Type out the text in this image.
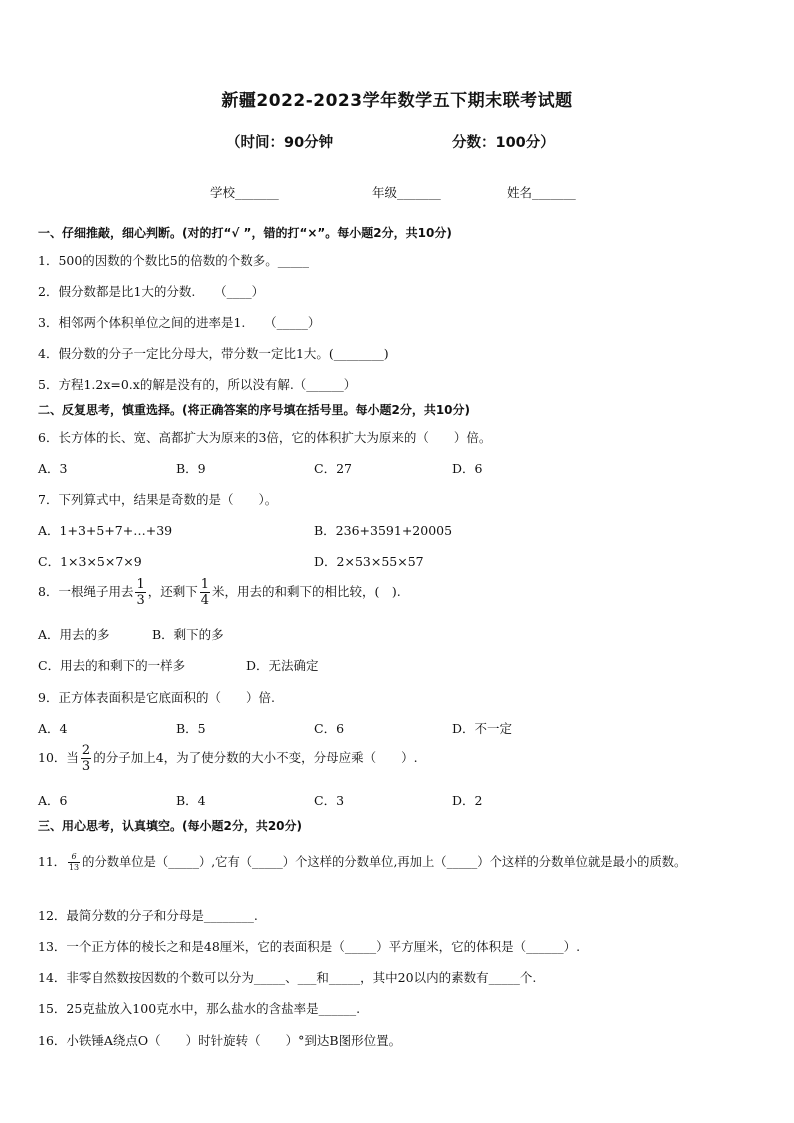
新疆2022-2023学年数学五下期末联考试题
（时间：90分钟	分数：100分）
学校_______	年级_______	姓名_______
一、仔细推敲，细心判断。(对的打“√ ”，错的打“×”。每小题2分，共10分)
1．500的因数的个数比5的倍数的个数多。_____
2．假分数都是比1大的分数.　　（____）
3．相邻两个体积单位之间的进率是1.　　（_____）
4．假分数的分子一定比分母大，带分数一定比1大。(________)
5．方程1.2x=0.x的解是没有的，所以没有解.（______）
二、反复思考，慎重选择。(将正确答案的序号填在括号里。每小题2分，共10分)
6．长方体的长、宽、高都扩大为原来的3倍，它的体积扩大为原来的（　　）倍。
A．3	B．9	C．27	D．6
7．下列算式中，结果是奇数的是（　　）。
A．1+3+5+7+…+39	B．236+3591+20005
C．1×3×5×7×9	D．2×53×55×57
8．一根绳子用去 $\frac{1}{3}$ ，还剩下 $\frac{1}{4}$ 米，用去的和剩下的相比较，(　).
A．用去的多	B．剩下的多
C．用去的和剩下的一样多	D．无法确定
9．正方体表面积是它底面积的（　　）倍.
A．4	B．5	C．6	D．不一定
10．当 $\frac{2}{3}$ 的分子加上4，为了使分数的大小不变，分母应乘（　　）.
A．6	B．4	C．3	D．2
三、用心思考，认真填空。(每小题2分，共20分)
11． $\frac{6}{13}$ 的分数单位是（_____）,它有（_____）个这样的分数单位,再加上（_____）个这样的分数单位就是最小的质数。
12．最简分数的分子和分母是________.
13．一个正方体的棱长之和是48厘米，它的表面积是（_____）平方厘米，它的体积是（______）.
14．非零自然数按因数的个数可以分为_____、___和_____，其中20以内的素数有_____个.
15．25克盐放入100克水中，那么盐水的含盐率是______.
16．小铁锤A绕点O（　　）时针旋转（　　）°到达B图形位置。
